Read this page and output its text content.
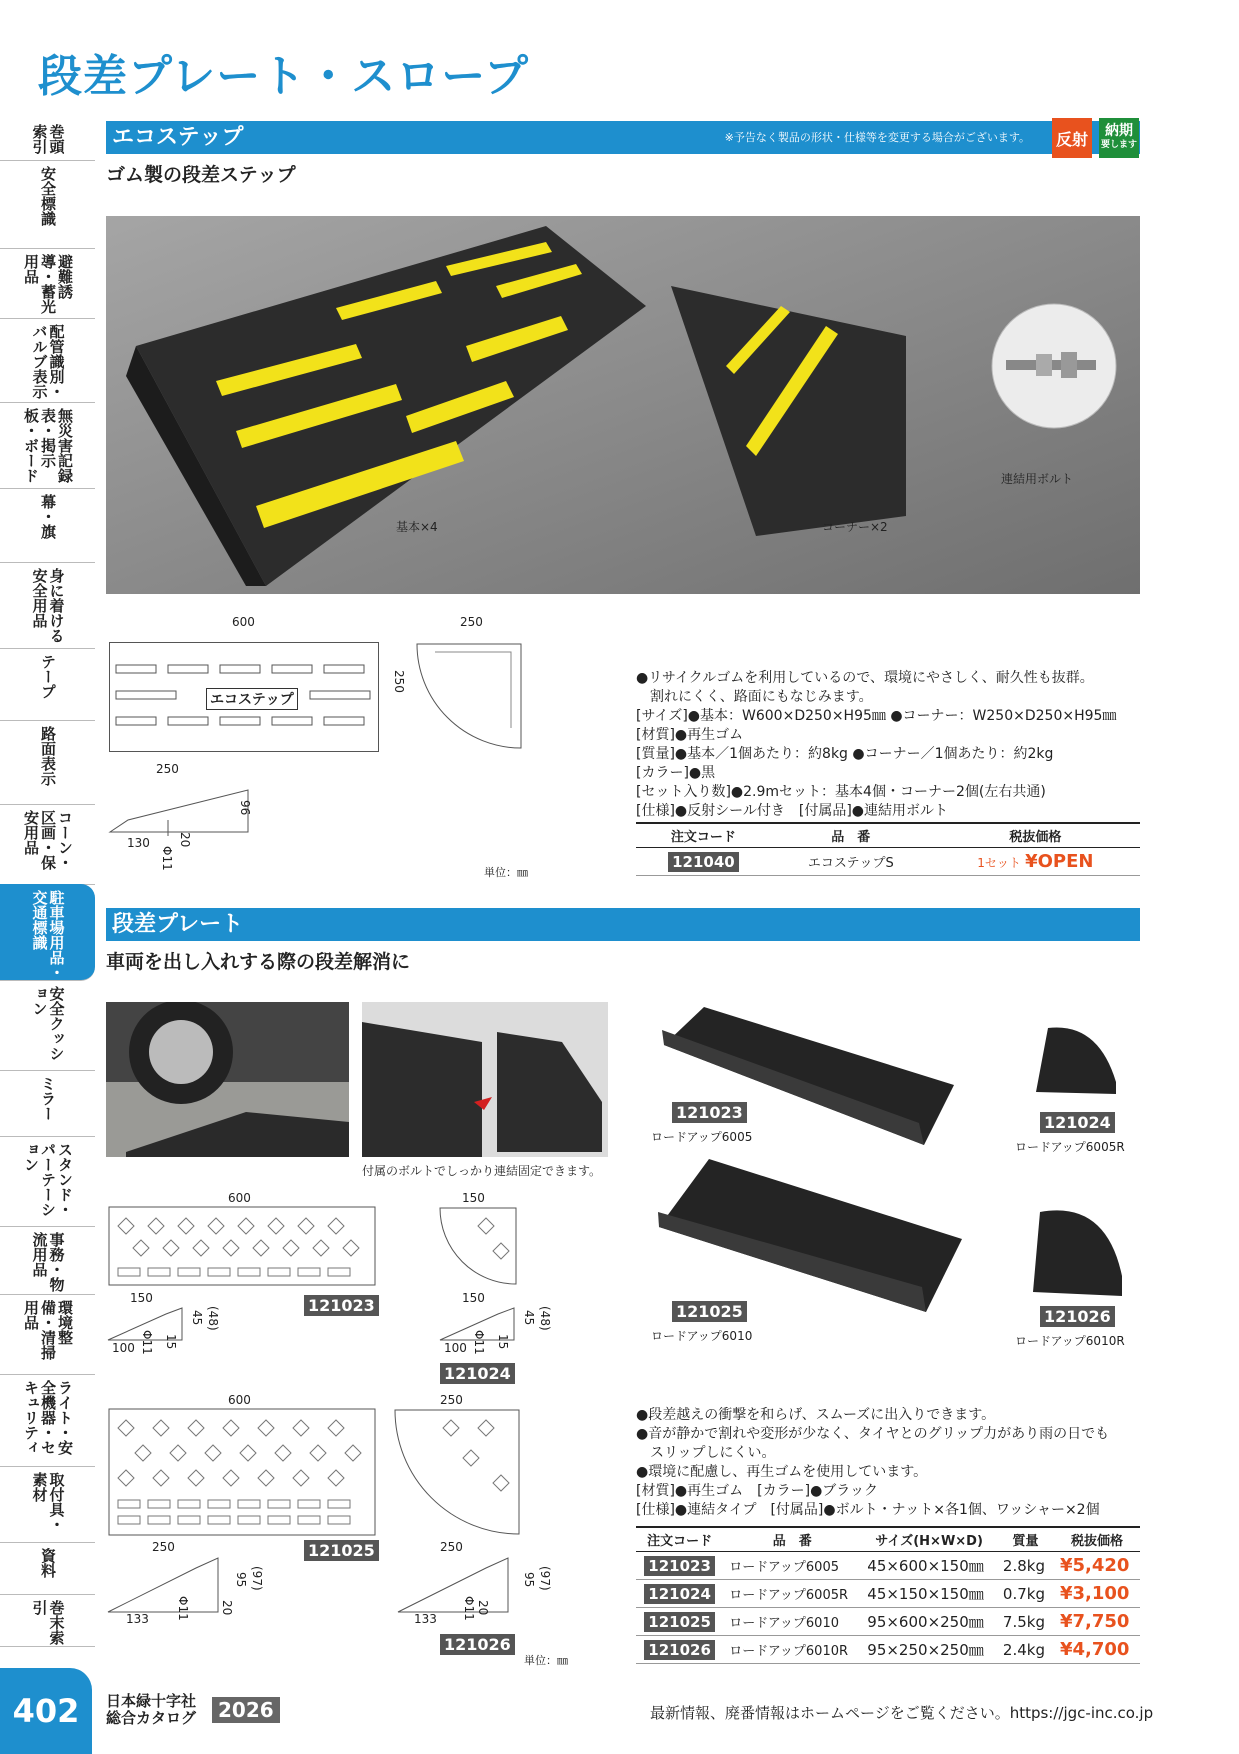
段差プレート・スロープ
巻頭索引
安全標識
避難誘導・蓄光用品
配管識別・バルブ表示
無災害記録表・掲示板・ボード
幕・旗
身に着ける安全用品
テープ
路面表示
コーン・区画・保安用品
駐車場用品・交通標識
安全クッション
ミラー
スタンド・パーテーション
事務・物流用品
環境整備・清掃用品
ライト・安全機器・セキュリティ
取付具・素材
資料
巻末索引
エコステップ	※予告なく製品の形状・仕様等を変更する場合がございます。 反射 納期
要します
ゴム製の段差ステップ
基本×4	コーナー×2
連結用ボルト
600
エコステップ
250
250
250
96
130 20
Φ11
単位：㎜
●リサイクルゴムを利用しているので、環境にやさしく、耐久性も抜群。
　割れにくく、路面にもなじみます。
[サイズ]●基本：W600×D250×H95㎜ ●コーナー：W250×D250×H95㎜
[材質]●再生ゴム
[質量]●基本／1個あたり：約8kg ●コーナー／1個あたり：約2kg
[カラー]●黒
[セット入り数]●2.9mセット：基本4個・コーナー2個(左右共通)
[仕様]●反射シール付き　[付属品]●連結用ボルト
注文コード	品　番	税抜価格
121040	エコステップS	1セット ¥OPEN
段差プレート
車両を出し入れする際の段差解消に
付属のボルトでしっかり連結固定できます。
121023
ロードアップ6005
121024
ロードアップ6005R
121025
ロードアップ6010
121026
ロードアップ6010R
600
150
45 (48)
100 Φ11 15
121023
150
150
45 (48)
100 Φ11 15
121024
600
250
95 (97)
133 Φ11	20
121025
250
250
95 (97)
133 Φ11 20
121026
単位：㎜
●段差越えの衝撃を和らげ、スムーズに出入りできます。
●音が静かで割れや変形が少なく、タイヤとのグリップ力があり雨の日でも
　スリップしにくい。
●環境に配慮し、再生ゴムを使用しています。
[材質]●再生ゴム　[カラー]●ブラック
[仕様]●連結タイプ　[付属品]●ボルト・ナット×各1個、ワッシャー×2個
注文コード	品　番	サイズ(H×W×D)	質量	税抜価格
121023	ロードアップ6005	45×600×150㎜	2.8kg	¥5,420
121024	ロードアップ6005R	45×150×150㎜	0.7kg	¥3,100
121025	ロードアップ6010	95×600×250㎜	7.5kg	¥7,750
121026	ロードアップ6010R	95×250×250㎜	2.4kg	¥4,700
402	日本緑十字社
総合カタログ	2026	最新情報、廃番情報はホームページをご覧ください。https://jgc-inc.co.jp
